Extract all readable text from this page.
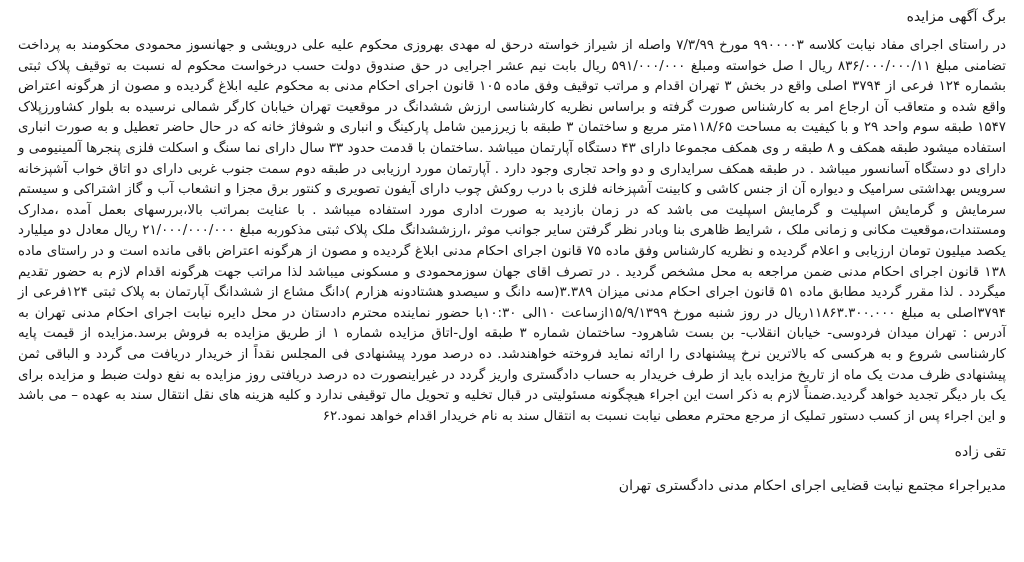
برگ آگهی مزایده

در راستای اجرای مفاد نیابت کلاسه ۹۹۰۰۰۰۳ مورخ ۷/۳/۹۹ واصله از شیراز خواسته درحق له مهدی بهروزی محکوم علیه علی درویشی و جهانسوز محمودی محکومند به پرداخت تضامنی مبلغ ۸۳۶/۰۰۰/۰۰۰/۱۱ ریال ا صل خواسته ومبلغ ۵۹۱/۰۰۰/۰۰۰ ریال بابت نیم عشر اجرایی در حق صندوق دولت حسب درخواست محکوم له نسبت به توقیف پلاک ثبتی بشماره ۱۲۴ فرعی از ۳۷۹۴ اصلی واقع در بخش ۳ تهران اقدام و مراتب توقیف وفق ماده ۱۰۵ قانون اجرای احکام مدنی به محکوم علیه ابلاغ گردیده و مصون از هرگونه اعتراض واقع شده و متعاقب آن ارجاع امر به کارشناس صورت گرفته و براساس نظریه کارشناسی ارزش ششدانگ در موقعیت تهران خیابان کارگر شمالی نرسیده به بلوار کشاورزپلاک ۱۵۴۷ طبقه سوم واحد ۲۹ و با کیفیت به مساحت ۱۱۸/۶۵متر مربع و ساختمان ۳ طبقه با زیرزمین شامل پارکینگ و انباری و شوفاژ خانه که در حال حاضر تعطیل و به صورت انباری استفاده میشود طبقه همکف و ۸ طبقه ر وی همکف مجموعا دارای ۴۳ دستگاه آپارتمان میباشد .ساختمان با قدمت حدود ۳۳ سال دارای نما سنگ و اسکلت فلزی پنجرها آلمینیومی و دارای دو دستگاه آسانسور میباشد . در طبقه همکف سرایداری و دو واحد تجاری وجود دارد . آپارتمان مورد ارزیابی در طبقه دوم سمت جنوب غربی دارای دو اتاق خواب آشپزخانه سرویس بهداشتی سرامیک و دیواره آن از جنس کاشی و کابینت آشپزخانه فلزی با درب روکش چوب دارای آیفون تصویری و کنتور برق مجزا و انشعاب آب و گاز اشتراکی و سیستم سرمایش و گرمایش اسپلیت و گرمایش اسپلیت می باشد که در زمان بازدید به صورت اداری مورد استفاده میباشد . با عنایت بمراتب بالا،بررسهای بعمل آمده ،مدارک ومستندات،موقعیت مکانی و زمانی ملک ، شرایط ظاهری بنا وبادر نظر گرفتن سایر جوانب موثر ،ارزششدانگ ملک پلاک ثبتی مذکوربه مبلغ ۲۱/۰۰۰/۰۰۰/۰۰۰ ریال معادل دو میلیارد یکصد میلیون تومان ارزیابی و اعلام گردیده و نظریه کارشناس وفق ماده ۷۵ قانون اجرای احکام مدنی ابلاغ گردیده و مصون از هرگونه اعتراض باقی مانده است و در راستای ماده ۱۳۸ قانون اجرای احکام مدنی ضمن مراجعه به محل مشخص گردید . در تصرف اقای جهان سوزمحمودی و مسکونی میباشد لذا مراتب جهت هرگونه اقدام لازم به حضور تقدیم میگردد . لذا مقرر گردید مطابق ماده ۵۱ قانون اجرای احکام مدنی میزان ۳.۳۸۹(سه دانگ و سیصدو هشتادونه هزارم )دانگ مشاع از ششدانگ آپارتمان به پلاک ثبتی ۱۲۴فرعی از ۳۷۹۴اصلی به مبلغ ۱۱۸۶۳.۳۰۰.۰۰۰ریال در روز شنبه مورخ ۱۵/۹/۱۳۹۹ازساعت ۱۰الی ۱۰:۳۰با حضور نماینده محترم دادستان در محل دایره نیابت اجرای احکام مدنی تهران به آدرس : تهران میدان فردوسی- خیابان انقلاب- بن بست شاهرود- ساختمان شماره ۳ طبقه اول-اتاق مزایده شماره ۱ از طریق مزایده به فروش برسد.مزایده از قیمت پایه کارشناسی شروع و به هرکسی که بالاترین نرخ پیشنهادی را ارائه نماید فروخته خواهندشد. ده درصد مورد پیشنهادی فی المجلس نقداً از خریدار دریافت می گردد و الباقی ثمن پیشنهادی ظرف مدت یک ماه از تاریخ مزایده باید از طرف خریدار به حساب دادگستری واریز گردد در غیراینصورت ده درصد دریافتی روز مزایده به نفع دولت ضبط و مزایده برای یک بار دیگر تجدید خواهد گردید.ضمناً لازم به ذکر است این اجراء هیچگونه مسئولیتی در قبال تخلیه و تحویل مال توقیفی ندارد و کلیه هزینه های نقل انتقال سند به عهده – می باشد و این اجراء پس از کسب دستور تملیک از مرجع محترم معطی نیابت نسبت به انتقال سند به نام خریدار اقدام خواهد نمود.۶۲

تقی زاده
مدیراجراء مجتمع نیابت قضایی اجرای احکام مدنی دادگستری تهران
